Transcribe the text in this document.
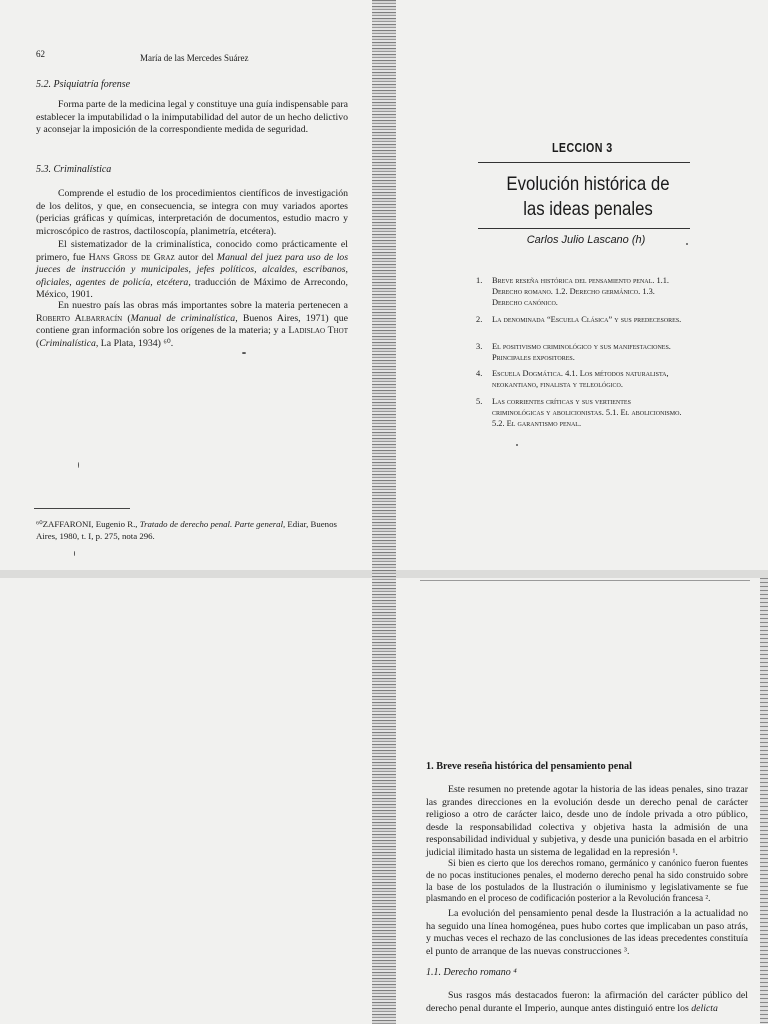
62	María de las Mercedes Suárez
5.2. Psiquiatría forense

Forma parte de la medicina legal y constituye una guía indispensable para establecer la imputabilidad o la inimputabilidad del autor de un hecho delictivo y aconsejar la imposición de la correspondiente medida de seguridad.

5.3. Criminalística

Comprende el estudio de los procedimientos científicos de investigación de los delitos, y que, en consecuencia, se integra con muy variados aportes (pericias gráficas y químicas, interpretación de documentos, estudio macro y microscópico de rastros, dactiloscopía, planimetría, etcétera).

El sistematizador de la criminalística, conocido como prácticamente el primero, fue Hans Gross de Graz autor del Manual del juez para uso de los jueces de instrucción y municipales, jefes políticos, alcaldes, escribanos, oficiales, agentes de policía, etcétera, traducción de Máximo de Arrecondo, México, 1901.

En nuestro país las obras más importantes sobre la materia pertenecen a Roberto Albarracín (Manual de criminalística, Buenos Aires, 1971) que contiene gran información sobre los orígenes de la materia; y a Ladislao Thot (Criminalística, La Plata, 1934) ⁶⁰.

⁶⁰ZAFFARONI, Eugenio R., Tratado de derecho penal. Parte general, Ediar, Buenos Aires, 1980, t. I, p. 275, nota 296.

LECCION 3
Evolución histórica de
las ideas penales
Carlos Julio Lascano (h)
1. Breve reseña histórica del pensamiento penal. 1.1. Derecho romano. 1.2. Derecho germánico. 1.3. Derecho canónico.
2. La denominada “Escuela Clásica” y sus predecesores.
3. El positivismo criminológico y sus manifestaciones. Principales expositores.
4. Escuela Dogmática. 4.1. Los métodos naturalista, neokantiano, finalista y teleológico.
5. Las corrientes críticas y sus vertientes criminológicas y abolicionistas. 5.1. El abolicionismo. 5.2. El garantismo penal.
1. Breve reseña histórica del pensamiento penal

Este resumen no pretende agotar la historia de las ideas penales, sino trazar las grandes direcciones en la evolución desde un derecho penal de carácter religioso a otro de carácter laico, desde uno de índole privada a otro público, desde la responsabilidad colectiva y objetiva hasta la admisión de una responsabilidad individual y subjetiva, y desde una punición basada en el arbitrio judicial ilimitado hasta un sistema de legalidad en la represión ¹.

Si bien es cierto que los derechos romano, germánico y canónico fueron fuentes de no pocas instituciones penales, el moderno derecho penal ha sido construido sobre la base de los postulados de la Ilustración o iluminismo y legislativamente se fue plasmando en el proceso de codificación posterior a la Revolución francesa ².

La evolución del pensamiento penal desde la Ilustración a la actualidad no ha seguido una línea homogénea, pues hubo cortes que implicaban un paso atrás, y muchas veces el rechazo de las conclusiones de las ideas precedentes constituía el punto de arranque de las nuevas construcciones ³.

1.1. Derecho romano ⁴

Sus rasgos más destacados fueron: la afirmación del carácter público del derecho penal durante el Imperio, aunque antes distinguió entre los delicta
